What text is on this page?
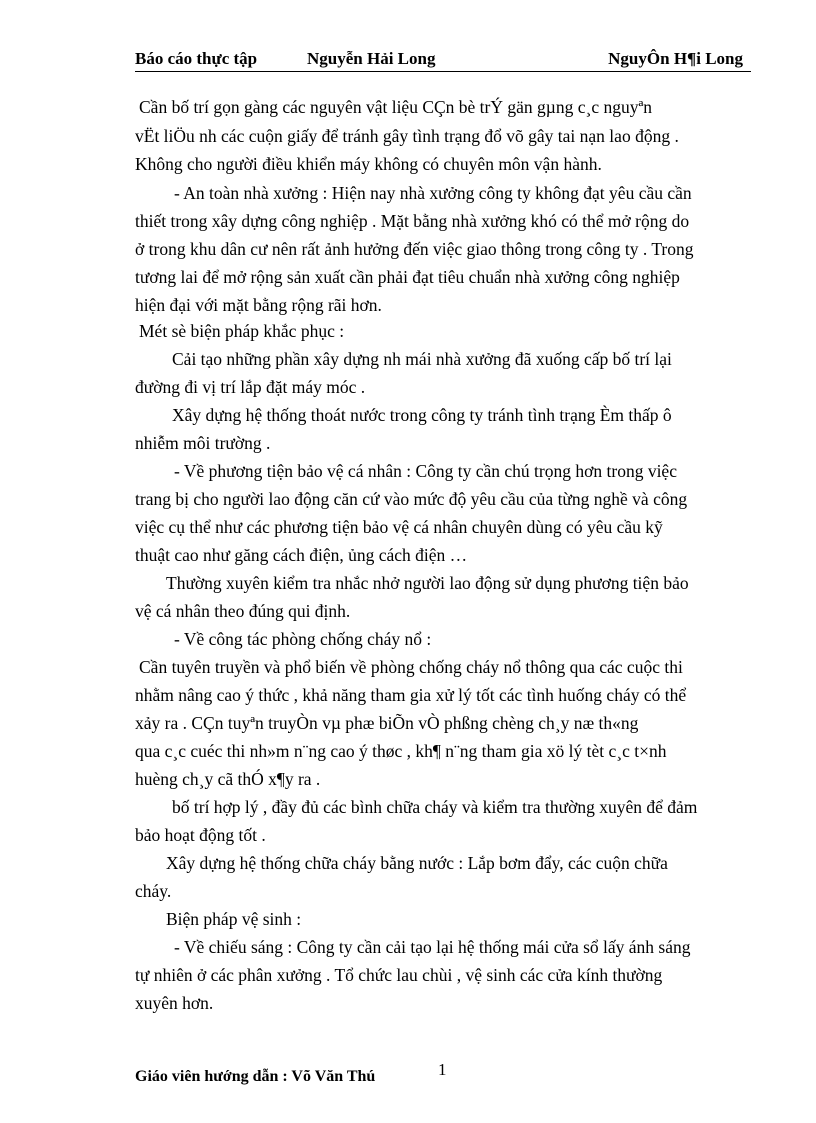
Báo cáo thực tập	Nguyễn Hải Long	NguyÔn H¶i Long
Cần bố trí gọn gàng các nguyên vật liệu CÇn bè trÝ gän gµng c¸c nguyªn
vËt liÖu nh các cuộn giấy để tránh gây tình trạng đổ võ gây tai nạn lao động .
Không cho người điều khiển máy không có chuyên môn vận hành.
- An toàn nhà xưởng : Hiện nay nhà xưởng công ty không đạt yêu cầu cần
thiết trong xây dựng công nghiệp . Mặt bằng nhà xưởng khó có thể mở rộng do
ở trong khu dân cư nên rất ảnh hưởng đến việc giao thông trong công ty . Trong
tương lai để mở rộng sản xuất cần phải đạt tiêu chuẩn nhà xưởng công nghiệp
hiện đại với mặt bằng rộng rãi hơn.
Mét sè biện pháp khắc phục :
Cải tạo những phần xây dựng nh mái nhà xưởng đã xuống cấp bố trí lại
đường đi vị trí lắp đặt máy móc .
Xây dựng hệ thống thoát nước trong công ty tránh tình trạng Èm thấp ô
nhiễm môi trường .
- Về phương tiện bảo vệ cá nhân : Công ty cần chú trọng hơn trong việc
trang bị cho người lao động căn cứ vào mức độ yêu cầu của từng nghề và công
việc cụ thể như các phương tiện bảo vệ cá nhân chuyên dùng có yêu cầu kỹ
thuật cao như găng cách điện, ủng cách điện …
Thường xuyên kiểm tra nhắc nhở người lao động sử dụng phương tiện bảo
vệ cá nhân theo đúng qui định.
- Về công tác phòng chống cháy nổ :
Cần tuyên truyền và phổ biến về phòng chống cháy nổ thông qua các cuộc thi
nhằm nâng cao ý thức , khả năng tham gia xử lý tốt các tình huống cháy có thể
xảy ra . CÇn tuyªn truyÒn vµ phæ biÕn vÒ phßng chèng ch¸y næ th«ng
qua c¸c cuéc thi nh»m n¨ng cao ý thøc , kh¶ n¨ng tham gia xö lý tèt c¸c t×nh
huèng ch¸y cã thÓ x¶y ra .
bố trí hợp lý , đầy đủ các bình chữa cháy và kiểm tra thường xuyên để đảm
bảo hoạt động tốt .
Xây dựng hệ thống chữa cháy bằng nước : Lắp bơm đẩy, các cuộn chữa
cháy.
Biện pháp vệ sinh :
- Về chiếu sáng : Công ty cần cải tạo lại hệ thống mái cửa sổ lấy ánh sáng
tự nhiên ở các phân xưởng . Tổ chức lau chùi , vệ sinh các cửa kính thường
xuyên hơn.
Giáo viên hướng dẫn : Võ Văn Thú	1
